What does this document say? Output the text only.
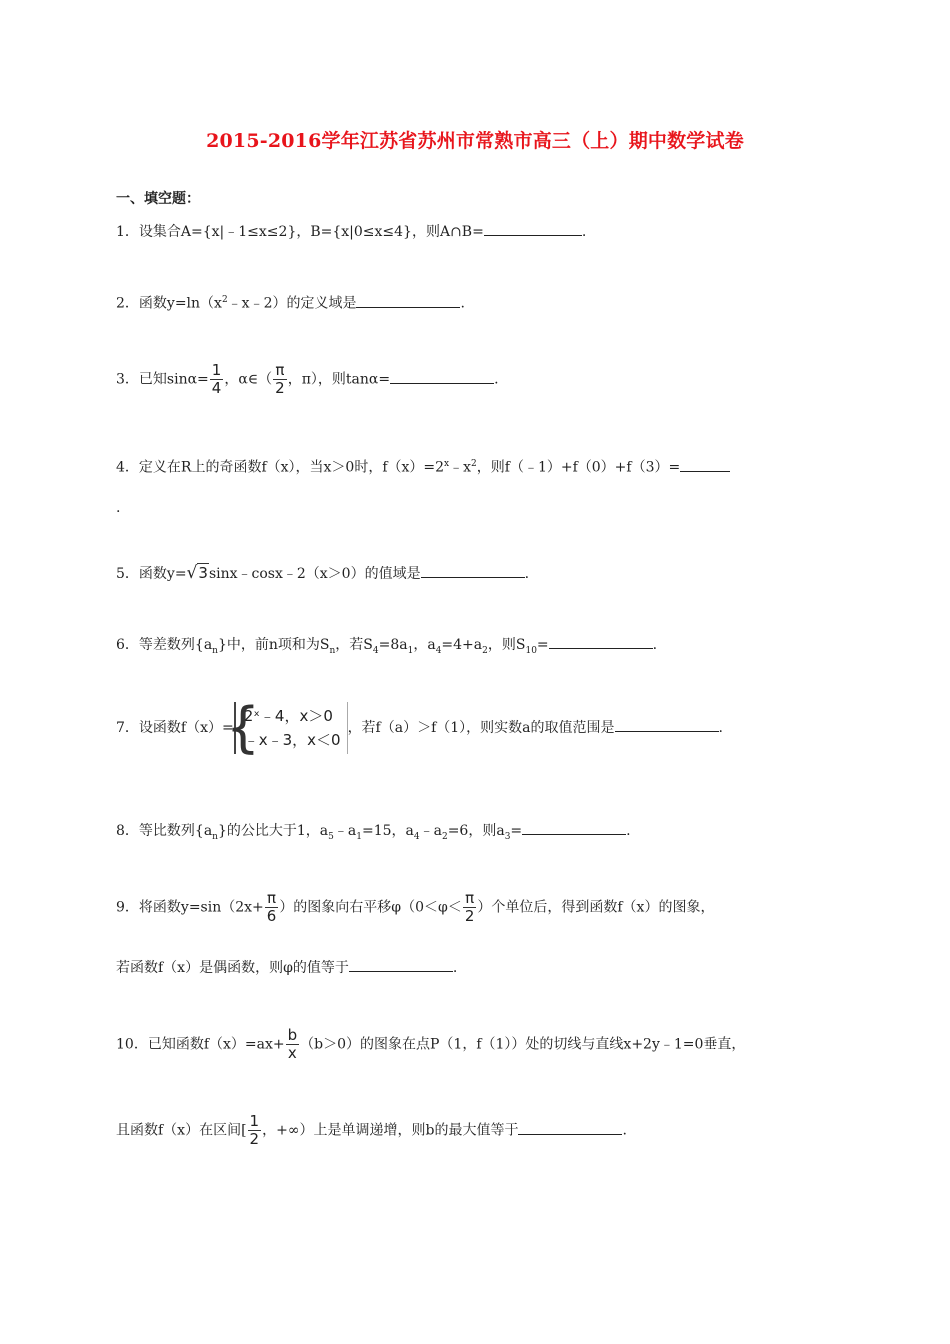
2015-2016学年江苏省苏州市常熟市高三（上）期中数学试卷
一、填空题：
1．设集合A={x|﹣1≤x≤2}，B={x|0≤x≤4}，则A∩B=	.
2．函数$y=\ln(x^2﹣x﹣2)$的定义域是	.
3．已知$\sin\alpha= \frac{1}{4}$ ，α∈（ $\frac{\pi}{2}$ ，π），则tanα=	.
4．定义在R上的奇函数f（x），当x＞0时，$f(x)=2^x﹣x^2$，则f（﹣1）+f（0）+f（3）=
.
5．函数y=√3sinx﹣cosx﹣2（x＞0）的值域是	.
6．等差数列$\{a_n\}$中，前n项和为$S_n$，若$S_4=8a_1$，$a_4=4+a_2$，则$S_{10}=$	.
7．设函数f（x）=
{
2ˣ﹣4，x＞0
﹣x﹣3，x＜0
，若f（a）＞f（1），则实数a的取值范围是	.
8．等比数列$\{a_n\}$的公比大于1，$a_5﹣a_1=15$，$a_4﹣a_2=6$，则$a_3=$	.
9．将函数$y=\sin(2x+ \frac{\pi}{6}$ ）的图象向右平移$\varphi(0<\varphi< \frac{\pi}{2}$ ）个单位后，得到函数f（x）的图象，
若函数f（x）是偶函数，则φ的值等于	.
10．已知函数$f(x)=ax+ \frac{b}{x} (b>0)$的图象在点P（1，f（1））处的切线与直线x+2y﹣1=0垂直，
且函数f（x）在区间[ $\frac{1}{2}$ ，+∞）上是单调递增，则b的最大值等于	.
